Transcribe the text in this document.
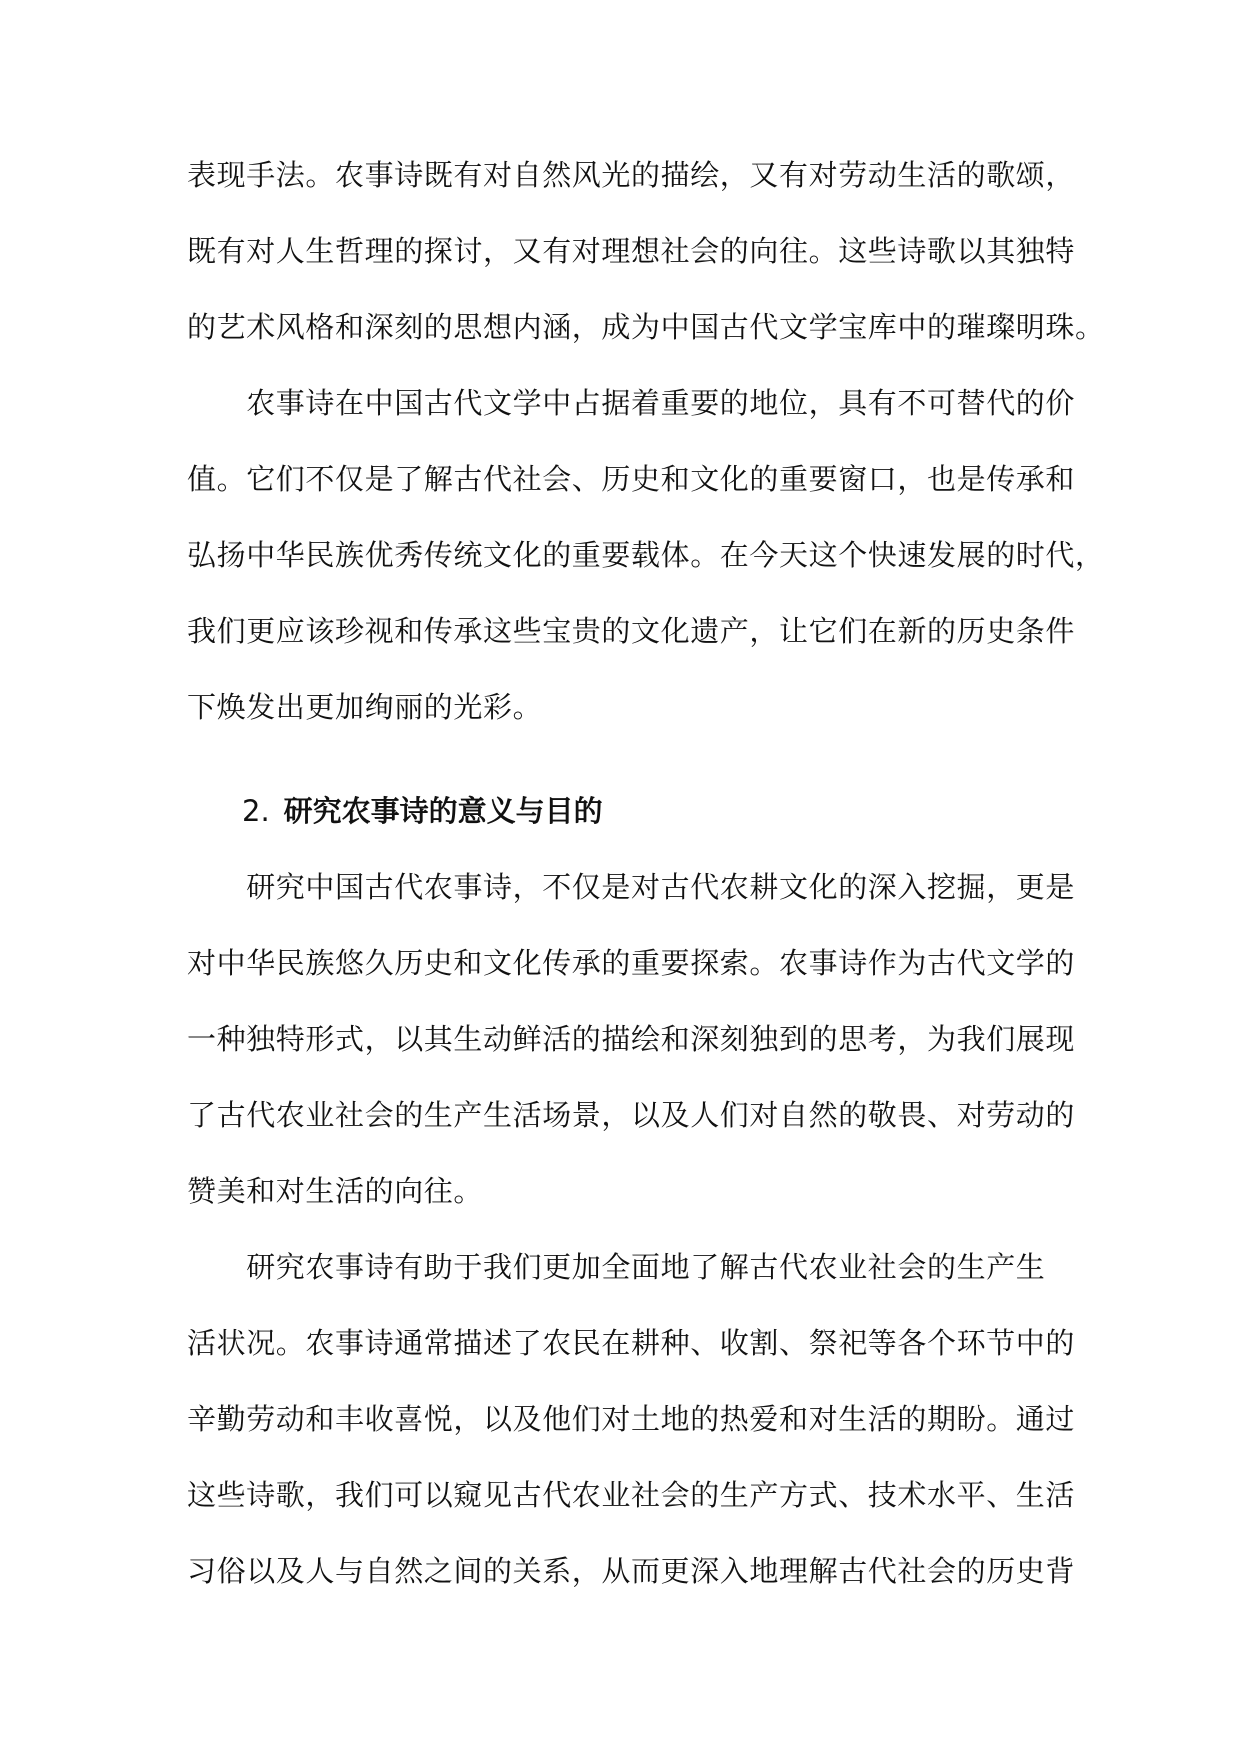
表现手法。农事诗既有对自然风光的描绘，又有对劳动生活的歌颂，
既有对人生哲理的探讨，又有对理想社会的向往。这些诗歌以其独特
的艺术风格和深刻的思想内涵，成为中国古代文学宝库中的璀璨明珠。
　　农事诗在中国古代文学中占据着重要的地位，具有不可替代的价
值。它们不仅是了解古代社会、历史和文化的重要窗口，也是传承和
弘扬中华民族优秀传统文化的重要载体。在今天这个快速发展的时代，
我们更应该珍视和传承这些宝贵的文化遗产，让它们在新的历史条件
下焕发出更加绚丽的光彩。
2. 研究农事诗的意义与目的
　　研究中国古代农事诗，不仅是对古代农耕文化的深入挖掘，更是
对中华民族悠久历史和文化传承的重要探索。农事诗作为古代文学的
一种独特形式，以其生动鲜活的描绘和深刻独到的思考，为我们展现
了古代农业社会的生产生活场景，以及人们对自然的敬畏、对劳动的
赞美和对生活的向往。
　　研究农事诗有助于我们更加全面地了解古代农业社会的生产生
活状况。农事诗通常描述了农民在耕种、收割、祭祀等各个环节中的
辛勤劳动和丰收喜悦，以及他们对土地的热爱和对生活的期盼。通过
这些诗歌，我们可以窥见古代农业社会的生产方式、技术水平、生活
习俗以及人与自然之间的关系，从而更深入地理解古代社会的历史背
